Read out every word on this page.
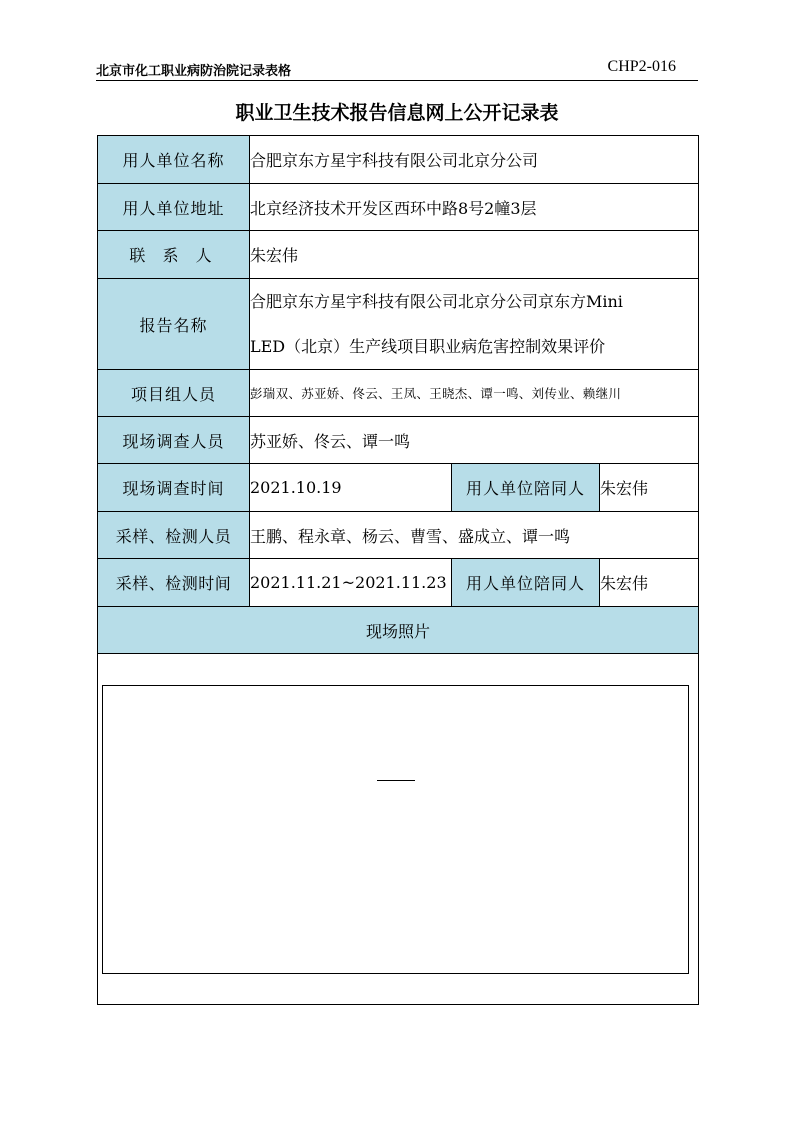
北京市化工职业病防治院记录表格	CHP2-016
职业卫生技术报告信息网上公开记录表
用人单位名称	合肥京东方星宇科技有限公司北京分公司		
用人单位地址	北京经济技术开发区西环中路8号2幢3层		
联 系 人	朱宏伟		
报告名称	合肥京东方星宇科技有限公司北京分公司京东方Mini
LED（北京）生产线项目职业病危害控制效果评价		

项目组人员	彭瑞双、苏亚娇、佟云、王凤、王晓杰、谭一鸣、刘传业、赖继川		
现场调查人员	苏亚娇、佟云、谭一鸣		
现场调查时间	2021.10.19	用人单位陪同人	朱宏伟
采样、检测人员	王鹏、程永章、杨云、曹雪、盛成立、谭一鸣		
采样、检测时间	2021.11.21~2021.11.23	用人单位陪同人	朱宏伟
现场照片			
